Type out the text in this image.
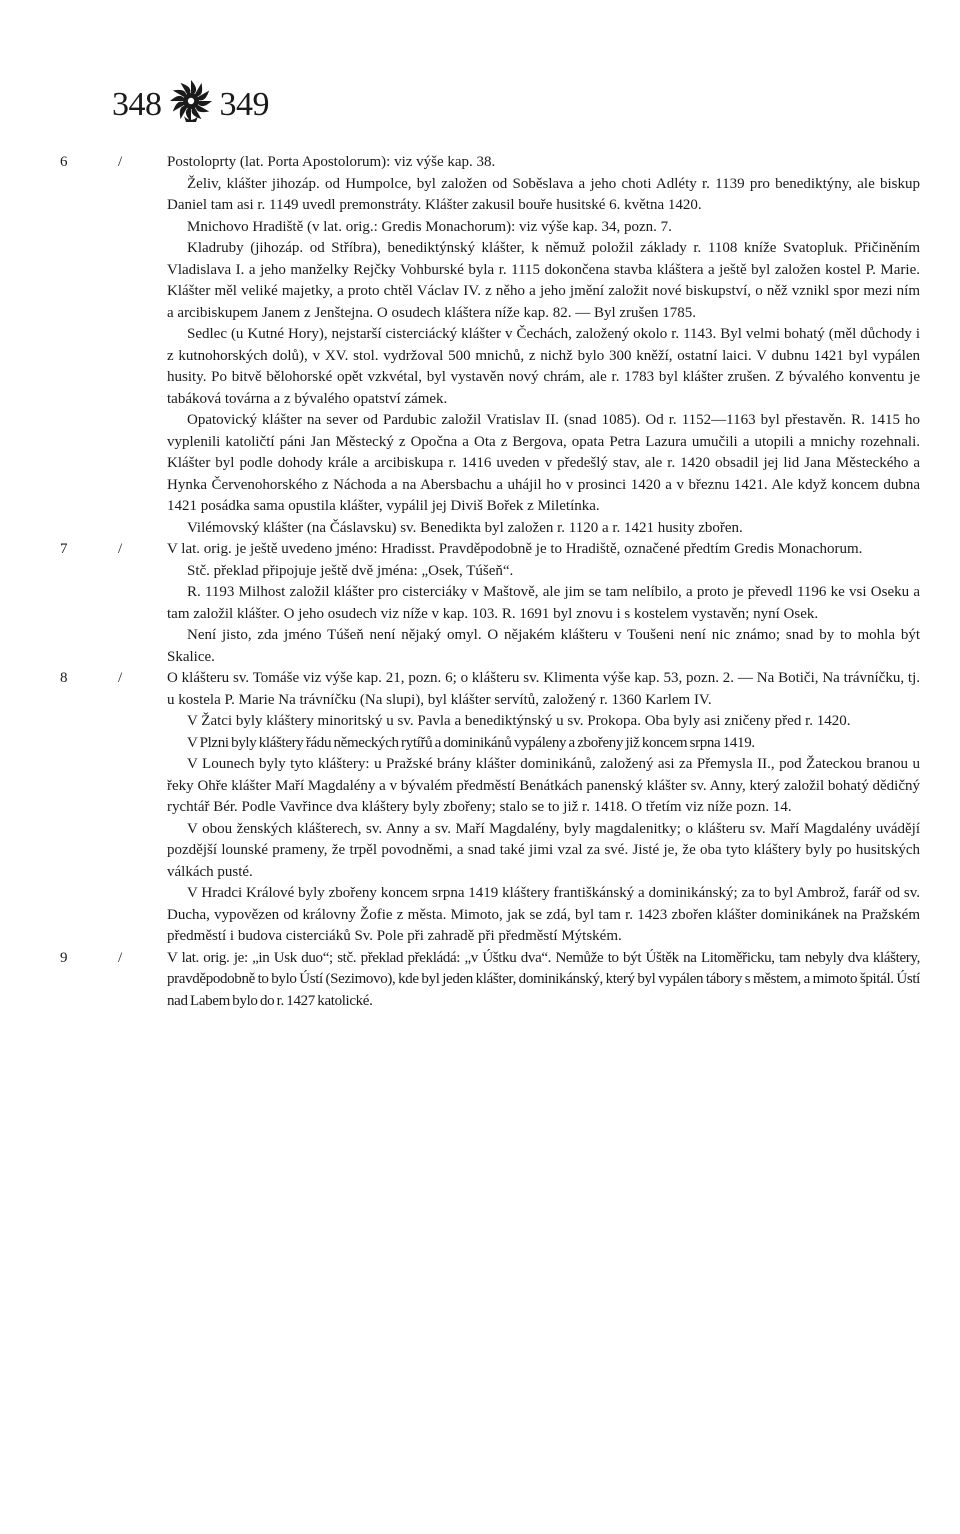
348 349
6	/	Postoloprty (lat. Porta Apostolorum): viz výše kap. 38.

Želiv, klášter jihozáp. od Humpolce, byl založen od Soběslava a jeho choti Adléty r. 1139 pro benediktýny, ale biskup Daniel tam asi r. 1149 uvedl premonstráty. Klášter zakusil bouře husitské 6. května 1420.

Mnichovo Hradiště (v lat. orig.: Gredis Monachorum): viz výše kap. 34, pozn. 7.

Kladruby (jihozáp. od Stříbra), benediktýnský klášter, k němuž položil základy r. 1108 kníže Svatopluk. Přičiněním Vladislava I. a jeho manželky Rejčky Vohburské byla r. 1115 dokončena stavba kláštera a ještě byl založen kostel P. Marie. Klášter měl veliké majetky, a proto chtěl Václav IV. z něho a jeho jmění založit nové biskupství, o něž vznikl spor mezi ním a arcibiskupem Janem z Jenštejna. O osudech kláštera níže kap. 82. — Byl zrušen 1785.

Sedlec (u Kutné Hory), nejstarší cisterciácký klášter v Čechách, založený okolo r. 1143. Byl velmi bohatý (měl důchody i z kutnohorských dolů), v XV. stol. vydržoval 500 mnichů, z nichž bylo 300 kněží, ostatní laici. V dubnu 1421 byl vypálen husity. Po bitvě bělohorské opět vzkvétal, byl vystavěn nový chrám, ale r. 1783 byl klášter zrušen. Z bývalého konventu je tabáková továrna a z bývalého opatství zámek.

Opatovický klášter na sever od Pardubic založil Vratislav II. (snad 1085). Od r. 1152—1163 byl přestavěn. R. 1415 ho vyplenili katoličtí páni Jan Městecký z Opočna a Ota z Bergova, opata Petra Lazura umučili a utopili a mnichy rozehnali. Klášter byl podle dohody krále a arcibiskupa r. 1416 uveden v předešlý stav, ale r. 1420 obsadil jej lid Jana Městeckého a Hynka Červenohorského z Náchoda a na Abersbachu a uhájil ho v prosinci 1420 a v březnu 1421. Ale když koncem dubna 1421 posádka sama opustila klášter, vypálil jej Diviš Bořek z Miletínka.

Vilémovský klášter (na Čáslavsku) sv. Benedikta byl založen r. 1120 a r. 1421 husity zbořen.

7	/	V lat. orig. je ještě uvedeno jméno: Hradisst. Pravděpodobně je to Hradiště, označené předtím Gredis Monachorum.

Stč. překlad připojuje ještě dvě jména: „Osek, Túšeň“.

R. 1193 Milhost založil klášter pro cisterciáky v Maštově, ale jim se tam nelíbilo, a proto je převedl 1196 ke vsi Oseku a tam založil klášter. O jeho osudech viz níže v kap. 103. R. 1691 byl znovu i s kostelem vystavěn; nyní Osek.

Není jisto, zda jméno Túšeň není nějaký omyl. O nějakém klášteru v Toušeni není nic známo; snad by to mohla být Skalice.

8	/	O klášteru sv. Tomáše viz výše kap. 21, pozn. 6; o klášteru sv. Klimenta výše kap. 53, pozn. 2. — Na Botiči, Na trávníčku, tj. u kostela P. Marie Na trávníčku (Na slupi), byl klášter servítů, založený r. 1360 Karlem IV.

V Žatci byly kláštery minoritský u sv. Pavla a benediktýnský u sv. Prokopa. Oba byly asi zničeny před r. 1420.

V Plzni byly kláštery řádu německých rytířů a dominikánů vypáleny a zbořeny již koncem srpna 1419.

V Lounech byly tyto kláštery: u Pražské brány klášter dominikánů, založený asi za Přemysla II., pod Žateckou branou u řeky Ohře klášter Maří Magdalény a v bývalém předměstí Benátkách panenský klášter sv. Anny, který založil bohatý dědičný rychtář Bér. Podle Vavřince dva kláštery byly zbořeny; stalo se to již r. 1418. O třetím viz níže pozn. 14.

V obou ženských klášterech, sv. Anny a sv. Maří Magdalény, byly magdalenitky; o klášteru sv. Maří Magdalény uvádějí pozdější lounské prameny, že trpěl povodněmi, a snad také jimi vzal za své. Jisté je, že oba tyto kláštery byly po husitských válkách pusté.

V Hradci Králové byly zbořeny koncem srpna 1419 kláštery františkánský a dominikánský; za to byl Ambrož, farář od sv. Ducha, vypovězen od královny Žofie z města. Mimoto, jak se zdá, byl tam r. 1423 zbořen klášter dominikánek na Pražském předměstí i budova cisterciáků Sv. Pole při zahradě při předměstí Mýtském.

9	/	V lat. orig. je: „in Usk duo“; stč. překlad překládá: „v Úštku dva“. Nemůže to být Úštěk na Litoměřicku, tam nebyly dva kláštery, pravděpodobně to bylo Ústí (Sezimovo), kde byl jeden klášter, dominikánský, který byl vypálen tábory s městem, a mimoto špitál. Ústí nad Labem bylo do r. 1427 katolické.
